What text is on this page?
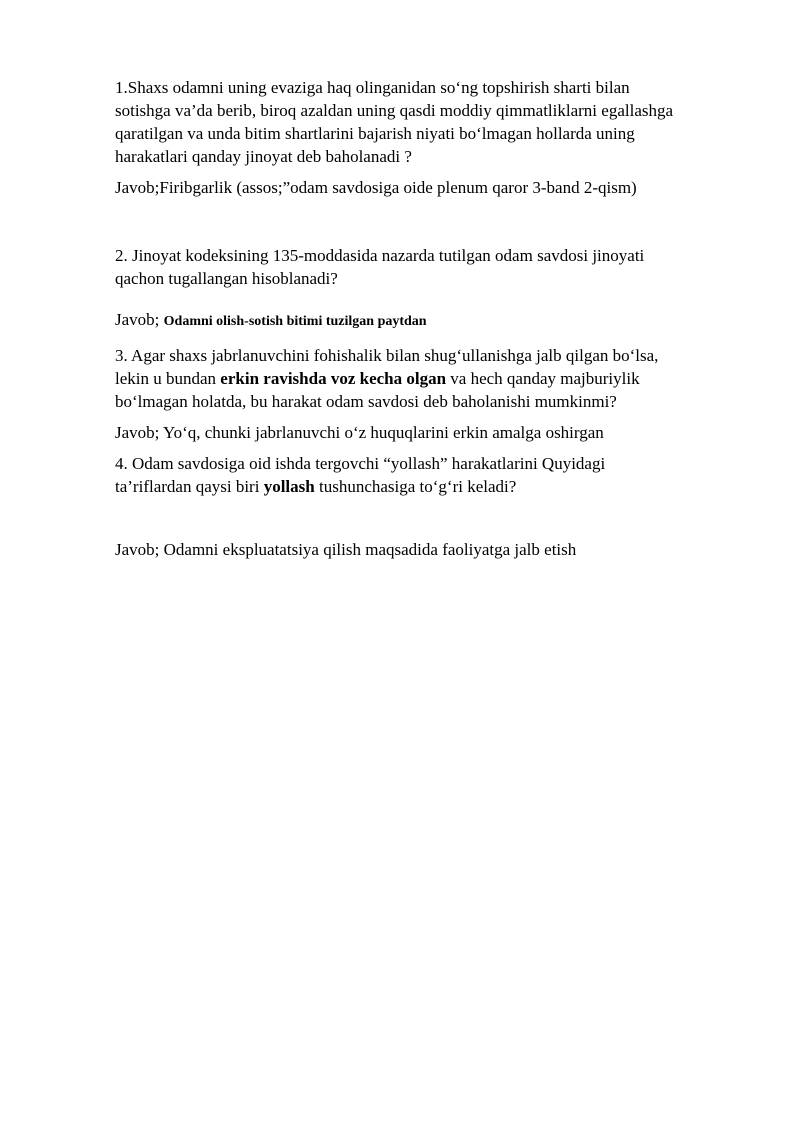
1.Shaxs odamni uning evaziga haq olinganidan so‘ng topshirish sharti bilan
sotishga va’da berib, biroq azaldan uning qasdi moddiy qimmatliklarni egallashga
qaratilgan va unda bitim shartlarini bajarish niyati bo‘lmagan hollarda uning
harakatlari qanday jinoyat deb baholanadi ?

Javob;Firibgarlik (assos;”odam savdosiga oide plenum qaror 3-band 2-qism)

2. Jinoyat kodeksining 135-moddasida nazarda tutilgan odam savdosi jinoyati
qachon tugallangan hisoblanadi?

Javob; Odamni olish-sotish bitimi tuzilgan paytdan

3. Agar shaxs jabrlanuvchini fohishalik bilan shug‘ullanishga jalb qilgan bo‘lsa,
lekin u bundan erkin ravishda voz kecha olgan va hech qanday majburiylik
bo‘lmagan holatda, bu harakat odam savdosi deb baholanishi mumkinmi?

Javob; Yo‘q, chunki jabrlanuvchi o‘z huquqlarini erkin amalga oshirgan

4. Odam savdosiga oid ishda tergovchi “yollash” harakatlarini Quyidagi
ta’riflardan qaysi biri yollash tushunchasiga to‘g‘ri keladi?

Javob; Odamni ekspluatatsiya qilish maqsadida faoliyatga jalb etish
